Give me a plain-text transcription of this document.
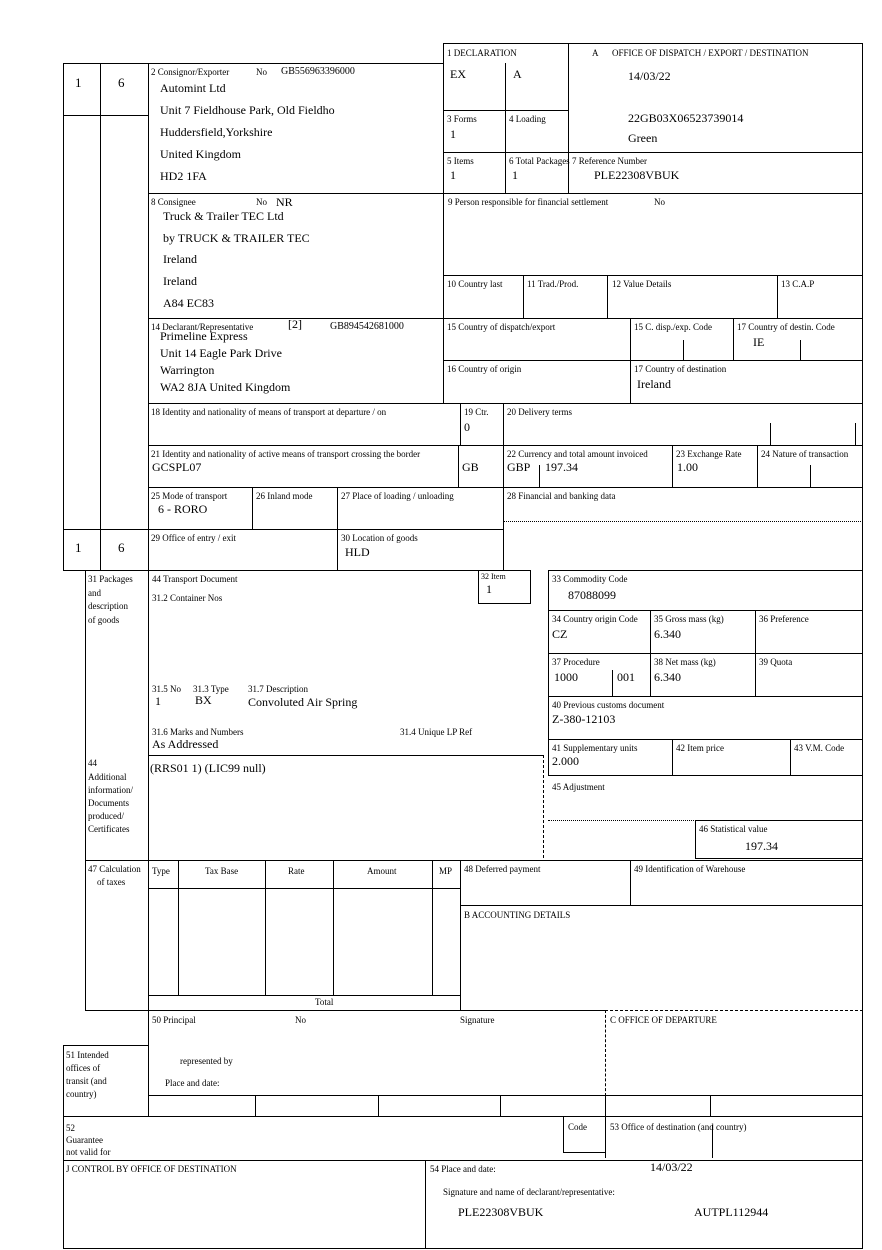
1	6
1 DECLARATION
EX	A
A OFFICE OF DISPATCH / EXPORT / DESTINATION
14/03/22
22GB03X06523739014
Green
2 Consignor/Exporter	No GB556963396000
Automint Ltd
Unit 7 Fieldhouse Park, Old Fieldho
Huddersfield,Yorkshire
United Kingdom
HD2 1FA
3 Forms
1
4 Loading
5 Items
1
6 Total Packages
1
7 Reference Number
PLE22308VBUK
8 Consignee	No NR
Truck & Trailer TEC Ltd
by TRUCK & TRAILER TEC
Ireland
Ireland
A84 EC83
9 Person responsible for financial settlement	No
10 Country last	11 Trad./Prod.	12 Value Details	13 C.A.P
14 Declarant/Representative	[2]	GB894542681000
Primeline Express
Unit 14 Eagle Park Drive
Warrington
WA2 8JA United Kingdom
15 Country of dispatch/export	15 C. disp./exp. Code	17 Country of destin. Code
IE
16 Country of origin	17 Country of destination
Ireland
18 Identity and nationality of means of transport at departure / on	19 Ctr.
0
20 Delivery terms
21 Identity and nationality of active means of transport crossing the border
GCSPL07	GB
22 Currency and total amount invoiced
GBP 197.34
23 Exchange Rate
1.00
24 Nature of transaction
25 Mode of transport
6 - RORO
26 Inland mode	27 Place of loading / unloading	28 Financial and banking data
1	6
29 Office of entry / exit	30 Location of goods
HLD
31 Packages
and
description
of goods
44 Transport Document
31.2 Container Nos
32 Item
1
33 Commodity Code
87088099
34 Country origin Code
CZ
35 Gross mass (kg)
6.340
36 Preference
37 Procedure
1000	001
38 Net mass (kg)
6.340
39 Quota
31.5 No
1
31.3 Type
BX
31.7 Description
Convoluted Air Spring	40 Previous customs document
Z-380-12103
31.6 Marks and Numbers	31.4 Unique LP Ref
As Addressed	41 Supplementary units
2.000
42 Item price	43 V.M. Code
44
Additional
information/
Documents
produced/
Certificates
(RRS01 1) (LIC99 null)
45 Adjustment
46 Statistical value
197.34
47 Calculation
of taxes
Type	Tax Base	Rate	Amount	MP
Total
48 Deferred payment	49 Identification of Warehouse
B ACCOUNTING DETAILS
50 Principal	No	Signature	C OFFICE OF DEPARTURE
51 Intended
offices of
transit (and
country)
represented by
Place and date:
52
Guarantee
not valid for
Code	53 Office of destination (and country)
J CONTROL BY OFFICE OF DESTINATION	54 Place and date:	14/03/22
Signature and name of declarant/representative:
PLE22308VBUK	AUTPL112944
